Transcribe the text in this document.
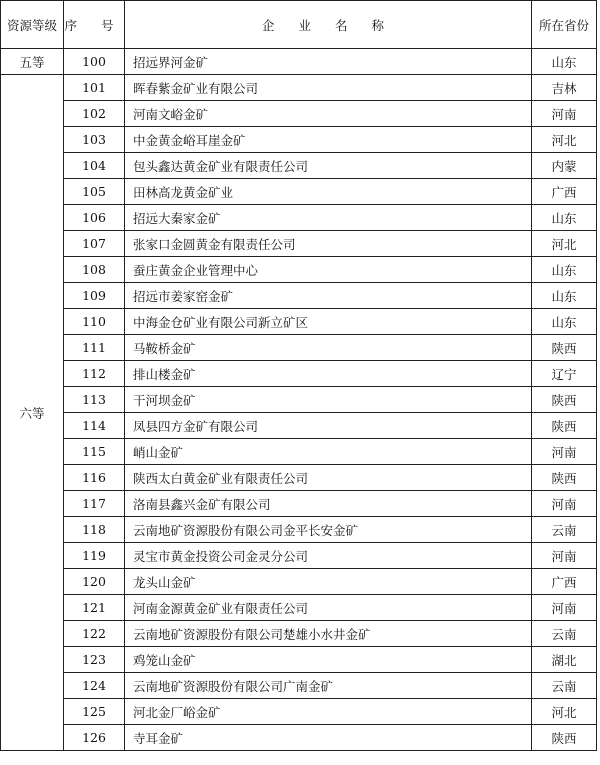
资源等级	序 号	企 业 名 称	所在省份
五等	100	招远界河金矿	山东
六等	101	晖春紫金矿业有限公司	吉林
	102	河南文峪金矿	河南
	103	中金黄金峪耳崖金矿	河北
	104	包头鑫达黄金矿业有限责任公司	内蒙
	105	田林高龙黄金矿业	广西
	106	招远大秦家金矿	山东
	107	张家口金圆黄金有限责任公司	河北
	108	蚕庄黄金企业管理中心	山东
	109	招远市姜家窑金矿	山东
	110	中海金仓矿业有限公司新立矿区	山东
	111	马鞍桥金矿	陕西
	112	排山楼金矿	辽宁
	113	干河坝金矿	陕西
	114	凤县四方金矿有限公司	陕西
	115	峭山金矿	河南
	116	陕西太白黄金矿业有限责任公司	陕西
	117	洛南县鑫兴金矿有限公司	河南
	118	云南地矿资源股份有限公司金平长安金矿	云南
	119	灵宝市黄金投资公司金灵分公司	河南
	120	龙头山金矿	广西
	121	河南金源黄金矿业有限责任公司	河南
	122	云南地矿资源股份有限公司楚雄小水井金矿	云南
	123	鸡笼山金矿	湖北
	124	云南地矿资源股份有限公司广南金矿	云南
	125	河北金厂峪金矿	河北
	126	寺耳金矿	陕西
